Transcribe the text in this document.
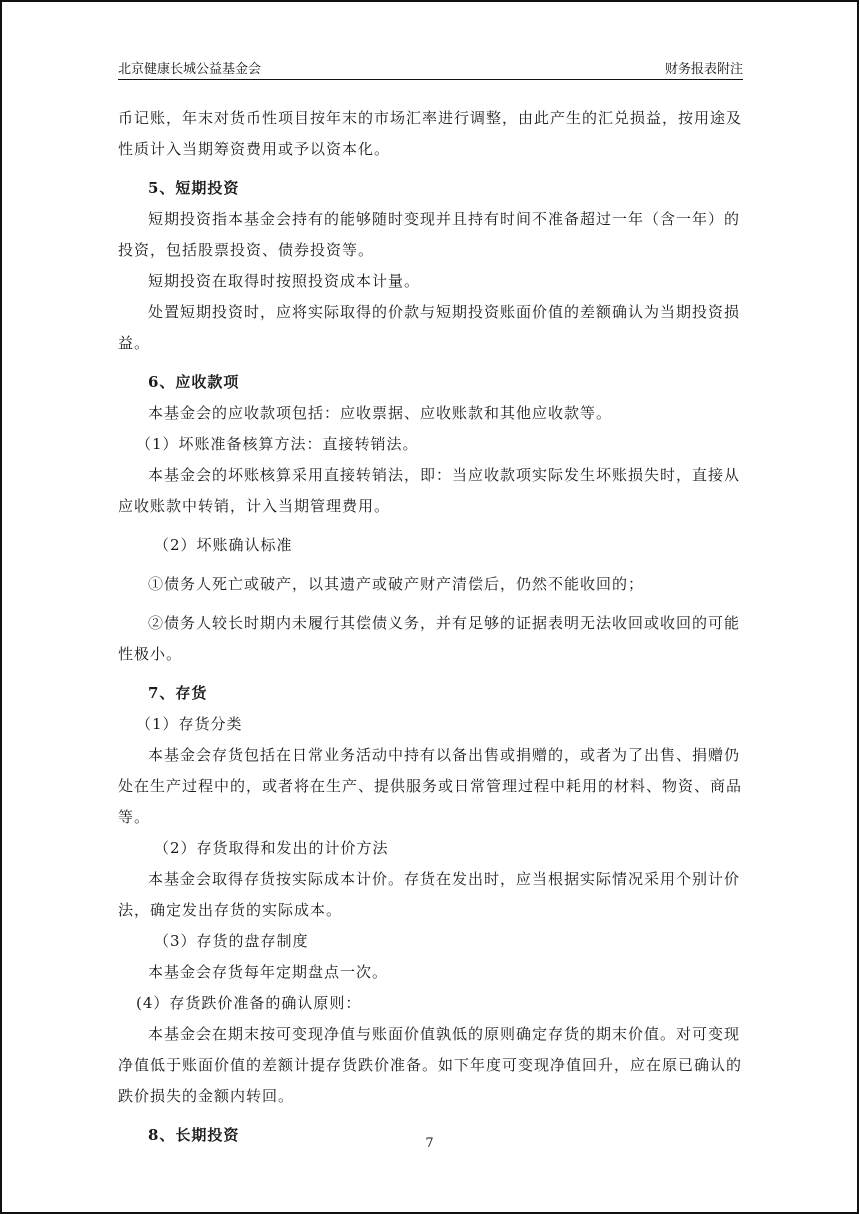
北京健康长城公益基金会	财务报表附注

币记账，年末对货币性项目按年末的市场汇率进行调整，由此产生的汇兑损益，按用途及性质计入当期筹资费用或予以资本化。

5、短期投资

短期投资指本基金会持有的能够随时变现并且持有时间不准备超过一年（含一年）的投资，包括股票投资、债券投资等。

短期投资在取得时按照投资成本计量。

处置短期投资时，应将实际取得的价款与短期投资账面价值的差额确认为当期投资损益。

6、应收款项

本基金会的应收款项包括：应收票据、应收账款和其他应收款等。

（1）坏账准备核算方法：直接转销法。

本基金会的坏账核算采用直接转销法，即：当应收款项实际发生坏账损失时，直接从应收账款中转销，计入当期管理费用。

（2）坏账确认标准

①债务人死亡或破产，以其遗产或破产财产清偿后，仍然不能收回的；

②债务人较长时期内未履行其偿债义务，并有足够的证据表明无法收回或收回的可能性极小。

7、存货

（1）存货分类

本基金会存货包括在日常业务活动中持有以备出售或捐赠的，或者为了出售、捐赠仍处在生产过程中的，或者将在生产、提供服务或日常管理过程中耗用的材料、物资、商品等。

（2）存货取得和发出的计价方法

本基金会取得存货按实际成本计价。存货在发出时，应当根据实际情况采用个别计价法，确定发出存货的实际成本。

（3）存货的盘存制度

本基金会存货每年定期盘点一次。

(4）存货跌价准备的确认原则：

本基金会在期末按可变现净值与账面价值孰低的原则确定存货的期末价值。对可变现净值低于账面价值的差额计提存货跌价准备。如下年度可变现净值回升，应在原已确认的跌价损失的金额内转回。

8、长期投资	7
